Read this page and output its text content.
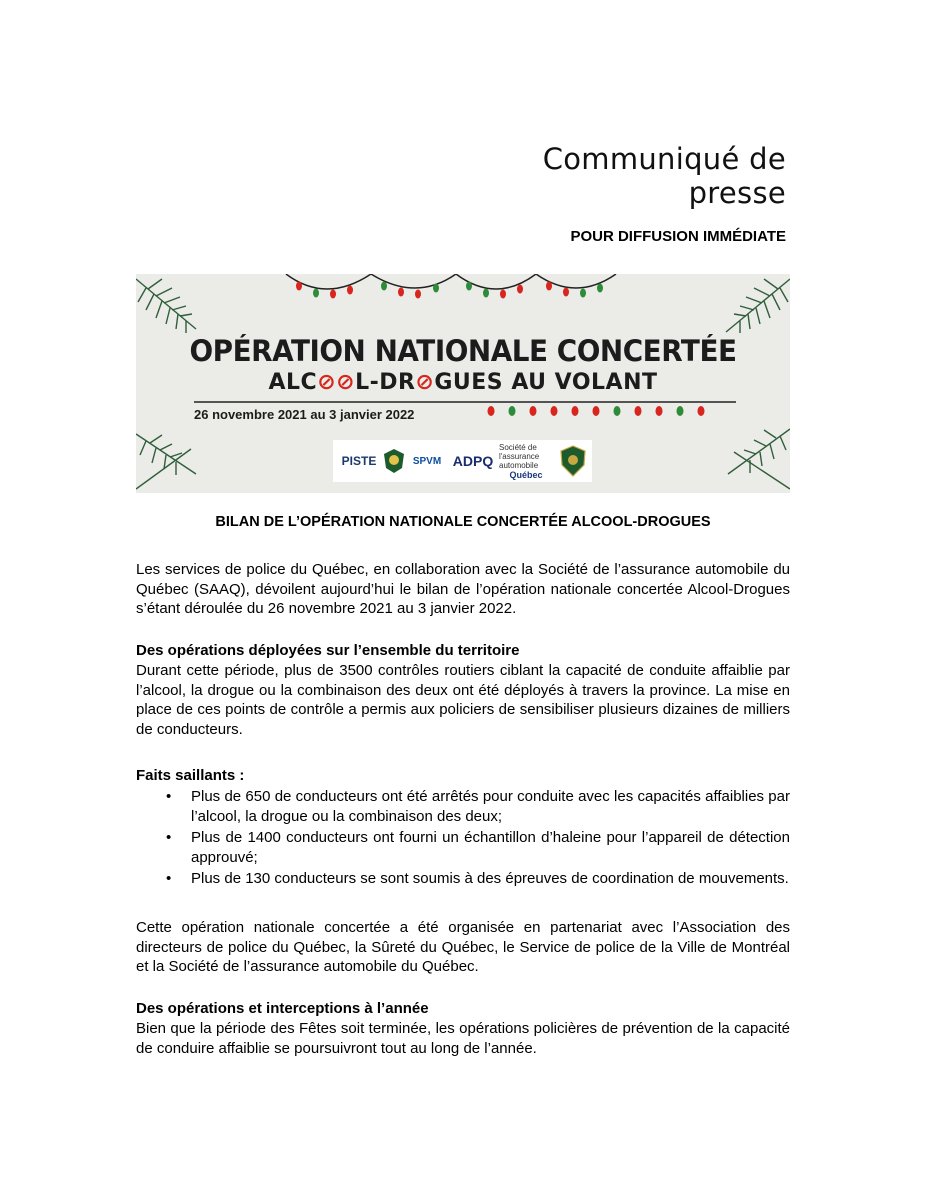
Communiqué de presse
POUR DIFFUSION IMMÉDIATE
OPÉRATION NATIONALE CONCERTÉE
ALC⊘⊘L-DR⊘GUES AU VOLANT
26 novembre 2021 au 3 janvier 2022
PISTE	SPVM ADPQ
Société de l'assurance automobile
Québec
BILAN DE L’OPÉRATION NATIONALE CONCERTÉE ALCOOL-DROGUES
Les services de police du Québec, en collaboration avec la Société de l’assurance automobile du Québec (SAAQ), dévoilent aujourd’hui le bilan de l’opération nationale concertée Alcool-Drogues s’étant déroulée du 26 novembre 2021 au 3 janvier 2022.
Des opérations déployées sur l’ensemble du territoire
Durant cette période, plus de 3500 contrôles routiers ciblant la capacité de conduite affaiblie par l’alcool, la drogue ou la combinaison des deux ont été déployés à travers la province. La mise en place de ces points de contrôle a permis aux policiers de sensibiliser plusieurs dizaines de milliers de conducteurs.
Faits saillants :
• Plus de 650 de conducteurs ont été arrêtés pour conduite avec les capacités affaiblies par l’alcool, la drogue ou la combinaison des deux;
• Plus de 1400 conducteurs ont fourni un échantillon d’haleine pour l’appareil de détection approuvé;
• Plus de 130 conducteurs se sont soumis à des épreuves de coordination de mouvements.
Cette opération nationale concertée a été organisée en partenariat avec l’Association des directeurs de police du Québec, la Sûreté du Québec, le Service de police de la Ville de Montréal et la Société de l’assurance automobile du Québec.
Des opérations et interceptions à l’année
Bien que la période des Fêtes soit terminée, les opérations policières de prévention de la capacité de conduire affaiblie se poursuivront tout au long de l’année.
